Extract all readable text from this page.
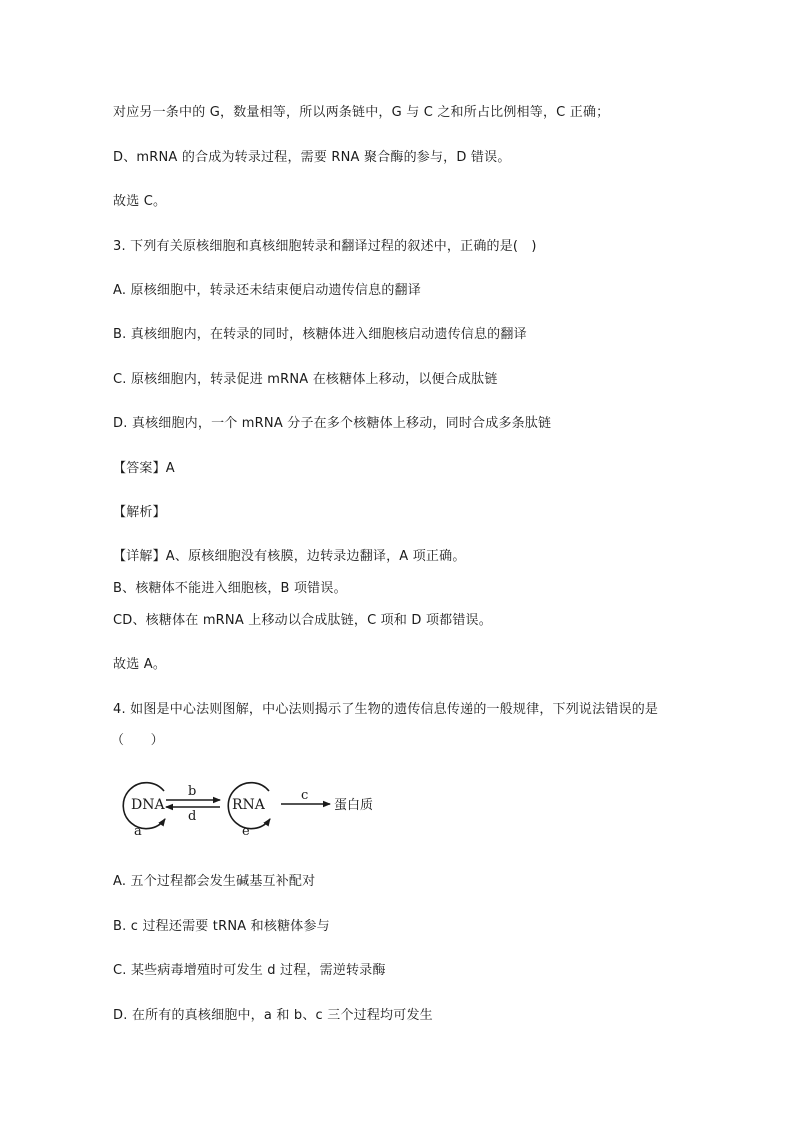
对应另一条中的 G，数量相等，所以两条链中，G 与 C 之和所占比例相等，C 正确；
D、mRNA 的合成为转录过程，需要 RNA 聚合酶的参与，D 错误。
故选 C。
3. 下列有关原核细胞和真核细胞转录和翻译过程的叙述中，正确的是(　)
A. 原核细胞中，转录还未结束便启动遗传信息的翻译
B. 真核细胞内，在转录的同时，核糖体进入细胞核启动遗传信息的翻译
C. 原核细胞内，转录促进 mRNA 在核糖体上移动，以便合成肽链
D. 真核细胞内，一个 mRNA 分子在多个核糖体上移动，同时合成多条肽链
【答案】A
【解析】
【详解】A、原核细胞没有核膜，边转录边翻译，A 项正确。
B、核糖体不能进入细胞核，B 项错误。
CD、核糖体在 mRNA 上移动以合成肽链，C 项和 D 项都错误。
故选 A。
4. 如图是中心法则图解，中心法则揭示了生物的遗传信息传递的一般规律，下列说法错误的是
（　　）
DNA
a
b
d
RNA
e
c
蛋白质
A. 五个过程都会发生碱基互补配对
B. c 过程还需要 tRNA 和核糖体参与
C. 某些病毒增殖时可发生 d 过程，需逆转录酶
D. 在所有的真核细胞中，a 和 b、c 三个过程均可发生
